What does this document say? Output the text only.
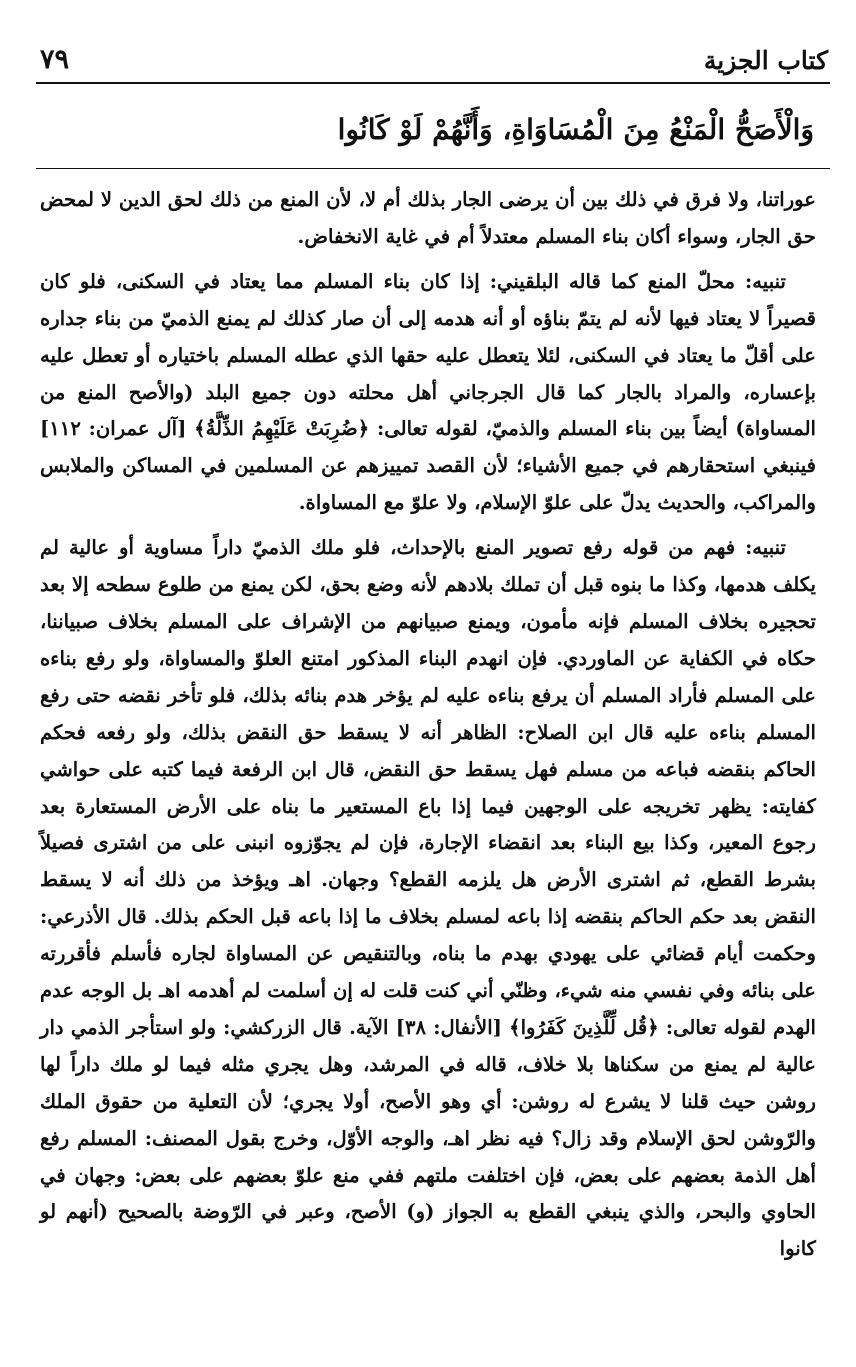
كتاب الجزية
٧٩
وَالْأَصَحُّ الْمَنْعُ مِنَ الْمُسَاوَاةِ، وَأَنَّهُمْ لَوْ كَانُوا

عوراتنا، ولا فرق في ذلك بين أن يرضى الجار بذلك أم لا، لأن المنع من ذلك لحق الدين لا لمحض حق الجار، وسواء أكان بناء المسلم معتدلاً أم في غاية الانخفاض.

تنبيه: محلّ المنع كما قاله البلقيني: إذا كان بناء المسلم مما يعتاد في السكنى، فلو كان قصيراً لا يعتاد فيها لأنه لم يتمّ بناؤه أو أنه هدمه إلى أن صار كذلك لم يمنع الذميّ من بناء جداره على أقلّ ما يعتاد في السكنى، لئلا يتعطل عليه حقها الذي عطله المسلم باختياره أو تعطل عليه بإعساره، والمراد بالجار كما قال الجرجاني أهل محلته دون جميع البلد (والأصح المنع من المساواة) أيضاً بين بناء المسلم والذميّ، لقوله تعالى: ﴿ضُرِبَتْ عَلَيْهِمُ الذِّلَّةُ﴾ [آل عمران: ١١٢] فينبغي استحقارهم في جميع الأشياء؛ لأن القصد تمييزهم عن المسلمين في المساكن والملابس والمراكب، والحديث يدلّ على علوّ الإسلام، ولا علوّ مع المساواة.

تنبيه: فهم من قوله رفع تصوير المنع بالإحداث، فلو ملك الذميّ داراً مساوية أو عالية لم يكلف هدمها، وكذا ما بنوه قبل أن تملك بلادهم لأنه وضع بحق، لكن يمنع من طلوع سطحه إلا بعد تحجيره بخلاف المسلم فإنه مأمون، ويمنع صبيانهم من الإشراف على المسلم بخلاف صبياننا، حكاه في الكفاية عن الماوردي. فإن انهدم البناء المذكور امتنع العلوّ والمساواة، ولو رفع بناءه على المسلم فأراد المسلم أن يرفع بناءه عليه لم يؤخر هدم بنائه بذلك، فلو تأخر نقضه حتى رفع المسلم بناءه عليه قال ابن الصلاح: الظاهر أنه لا يسقط حق النقض بذلك، ولو رفعه فحكم الحاكم بنقضه فباعه من مسلم فهل يسقط حق النقض، قال ابن الرفعة فيما كتبه على حواشي كفايته: يظهر تخريجه على الوجهين فيما إذا باع المستعير ما بناه على الأرض المستعارة بعد رجوع المعير، وكذا بيع البناء بعد انقضاء الإجارة، فإن لم يجوّزوه انبنى على من اشترى فصيلاً بشرط القطع، ثم اشترى الأرض هل يلزمه القطع؟ وجهان. اهـ ويؤخذ من ذلك أنه لا يسقط النقض بعد حكم الحاكم بنقضه إذا باعه لمسلم بخلاف ما إذا باعه قبل الحكم بذلك. قال الأذرعي: وحكمت أيام قضائي على يهودي بهدم ما بناه، وبالتنقيص عن المساواة لجاره فأسلم فأقررته على بنائه وفي نفسي منه شيء، وظنّي أني كنت قلت له إن أسلمت لم أهدمه اهـ بل الوجه عدم الهدم لقوله تعالى: ﴿قُل لِّلَّذِينَ كَفَرُوا﴾ [الأنفال: ٣٨] الآية. قال الزركشي: ولو استأجر الذمي دار عالية لم يمنع من سكناها بلا خلاف، قاله في المرشد، وهل يجري مثله فيما لو ملك داراً لها روشن حيث قلنا لا يشرع له روشن: أي وهو الأصح، أولا يجري؛ لأن التعلية من حقوق الملك والرّوشن لحق الإسلام وقد زال؟ فيه نظر اهـ، والوجه الأوّل، وخرج بقول المصنف: المسلم رفع أهل الذمة بعضهم على بعض، فإن اختلفت ملتهم ففي منع علوّ بعضهم على بعض: وجهان في الحاوي والبحر، والذي ينبغي القطع به الجواز (و) الأصح، وعبر في الرّوضة بالصحيح (أنهم لو كانوا
